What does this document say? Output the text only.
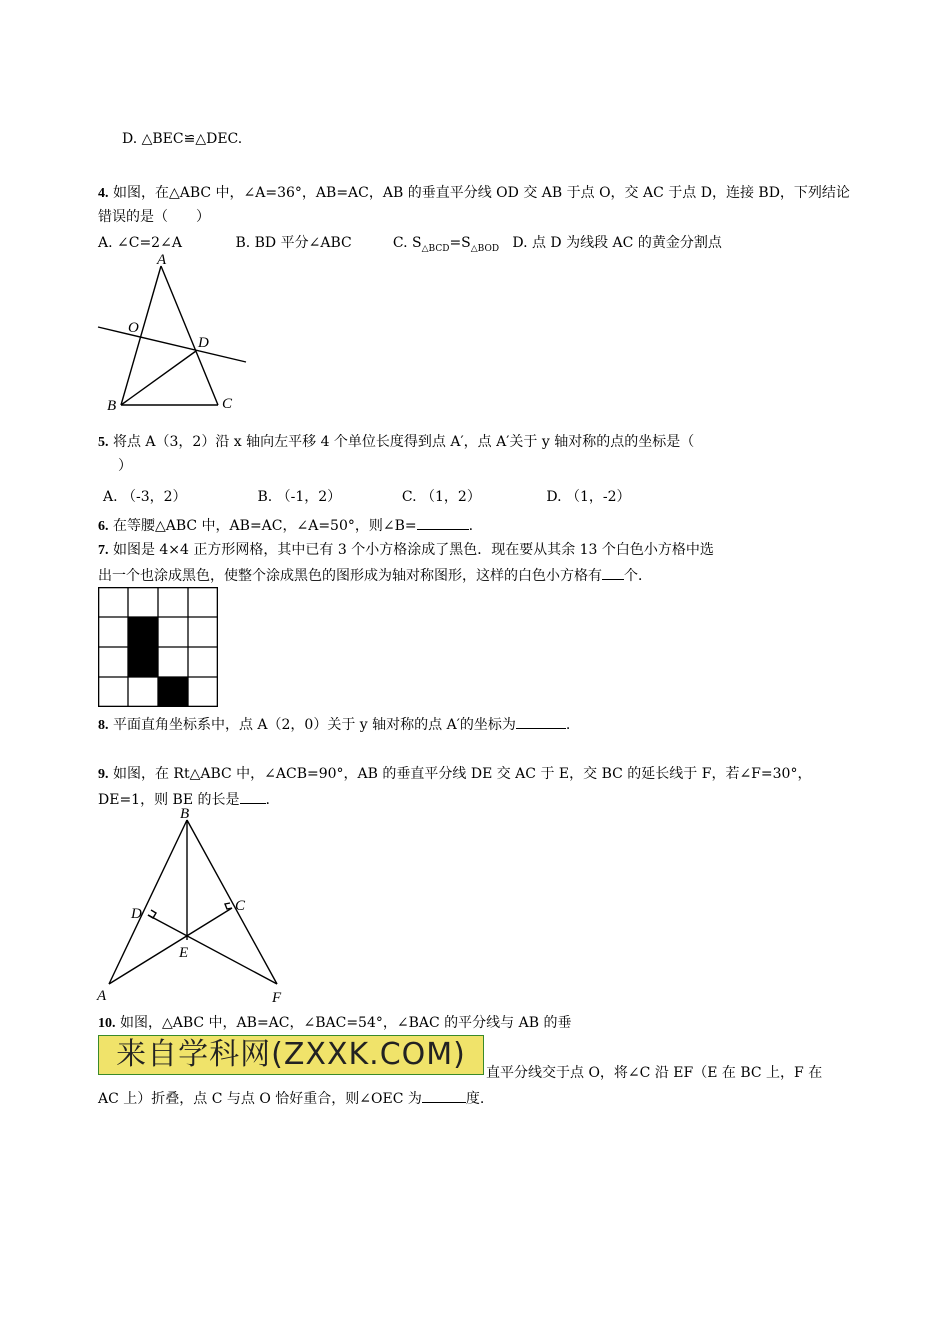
D. △BEC≌△DEC.
4. 如图，在△ABC 中，∠A=36°，AB=AC，AB 的垂直平分线 OD 交 AB 于点 O，交 AC 于点 D，连接 BD，下列结论
错误的是（　　）
A. ∠C=2∠A	B. BD 平分∠ABC	C. $S_{\triangle BCD}=S_{\triangle BOD}$ D. 点 D 为线段 AC 的黄金分割点
A
O
D
B	C
5. 将点 A（3，2）沿 x 轴向左平移 4 个单位长度得到点 A′，点 A′关于 y 轴对称的点的坐标是（
）
A. （-3，2）	B. （-1，2）	C. （1，2）	D. （1，-2）
6. 在等腰△ABC 中，AB=AC，∠A=50°，则∠B=	.
7. 如图是 4×4 正方形网格，其中已有 3 个小方格涂成了黑色．现在要从其余 13 个白色小方格中选
出一个也涂成黑色，使整个涂成黑色的图形成为轴对称图形，这样的白色小方格有 个．
8. 平面直角坐标系中，点 A（2，0）关于 y 轴对称的点 A′的坐标为	.
9. 如图，在 Rt△ABC 中，∠ACB=90°，AB 的垂直平分线 DE 交 AC 于 E，交 BC 的延长线于 F，若∠F=30°，
DE=1，则 BE 的长是 .
B
D	C
E
A	F
10. 如图，△ABC 中，AB=AC，∠BAC=54°，∠BAC 的平分线与 AB 的垂
来自学科网(ZXXK.COM)
直平分线交于点 O，将∠C 沿 EF（E 在 BC 上，F 在
AC 上）折叠，点 C 与点 O 恰好重合，则∠OEC 为	度.
